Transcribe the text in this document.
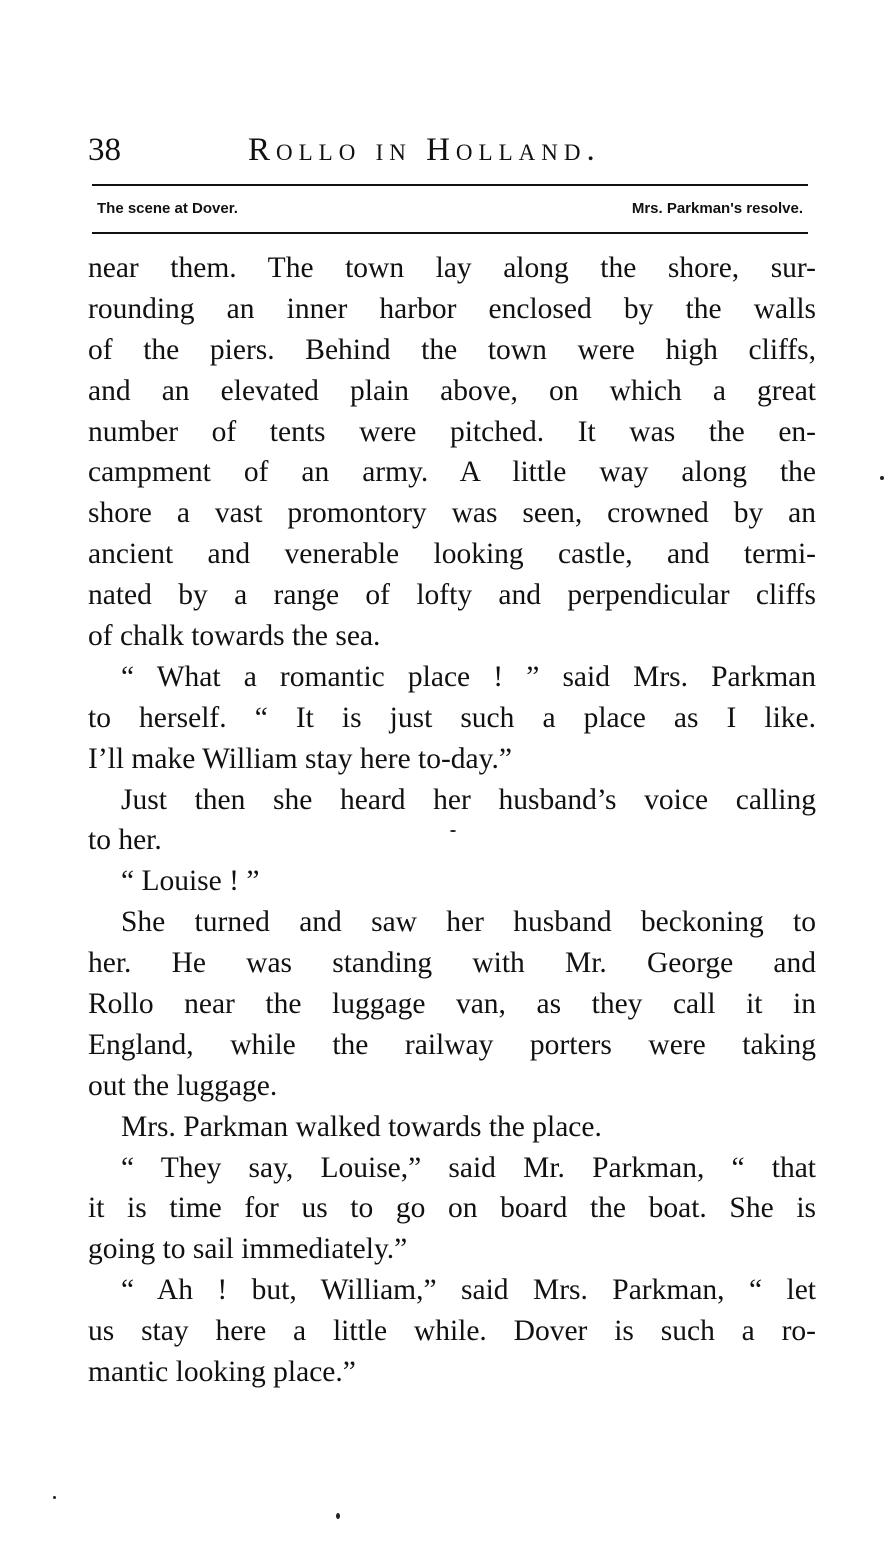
38	Rollo in Holland.
The scene at Dover.	Mrs. Parkman's resolve.
near them. The town lay along the shore, sur-
rounding an inner harbor enclosed by the walls
of the piers. Behind the town were high cliffs,
and an elevated plain above, on which a great
number of tents were pitched. It was the en-
campment of an army. A little way along the
shore a vast promontory was seen, crowned by an
ancient and venerable looking castle, and termi-
nated by a range of lofty and perpendicular cliffs
of chalk towards the sea.
“ What a romantic place ! ” said Mrs. Parkman
to herself. “ It is just such a place as I like.
I’ll make William stay here to-day.”
Just then she heard her husband’s voice calling
to her.
“ Louise ! ”
She turned and saw her husband beckoning to
her. He was standing with Mr. George and
Rollo near the luggage van, as they call it in
England, while the railway porters were taking
out the luggage.
Mrs. Parkman walked towards the place.
“ They say, Louise,” said Mr. Parkman, “ that
it is time for us to go on board the boat. She is
going to sail immediately.”
“ Ah ! but, William,” said Mrs. Parkman, “ let
us stay here a little while. Dover is such a ro-
mantic looking place.”
